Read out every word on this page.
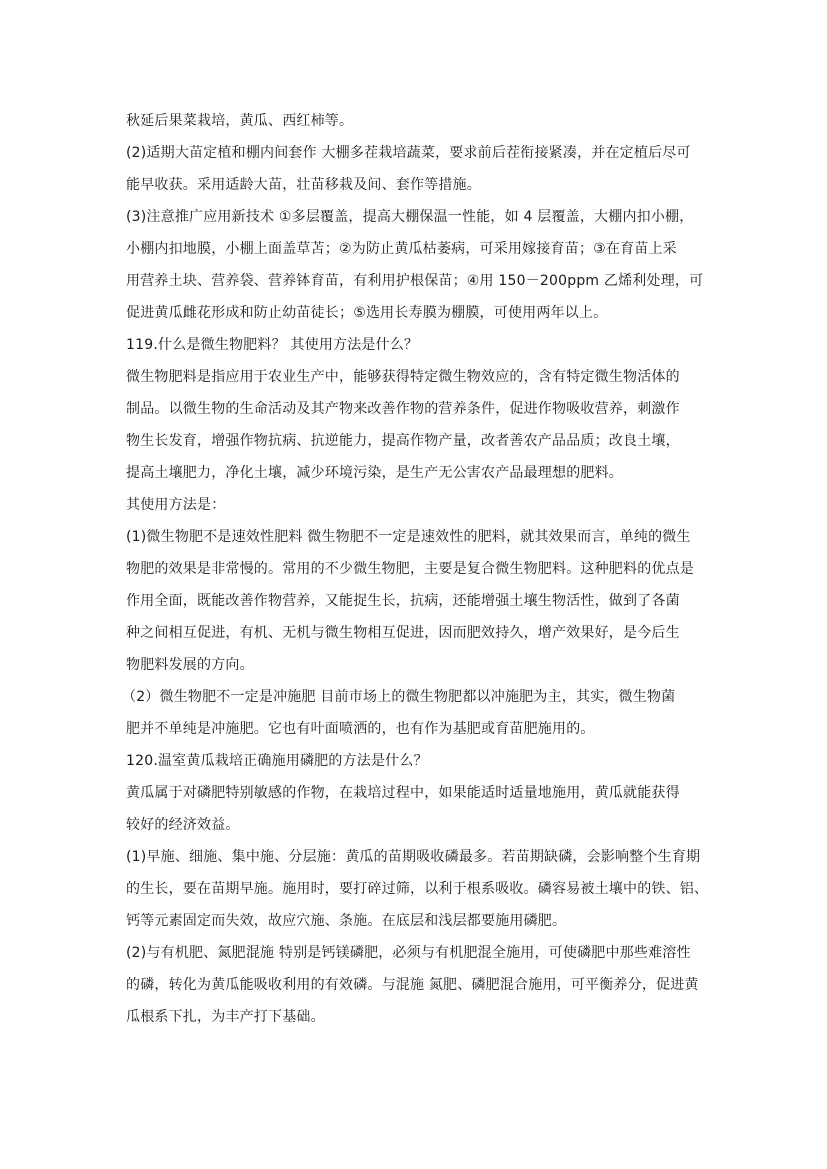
秋延后果菜栽培，黄瓜、西红柿等。

(2)适期大苗定植和棚内间套作 大棚多茬栽培蔬菜，要求前后茬衔接紧凑，并在定植后尽可
能早收获。采用适龄大苗，壮苗移栽及间、套作等措施。

(3)注意推广应用新技术 ①多层覆盖，提高大棚保温一性能，如 4 层覆盖，大棚内扣小棚，
小棚内扣地膜，小棚上面盖草苫；②为防止黄瓜枯萎病，可采用嫁接育苗；③在育苗上采
用营养土块、营养袋、营养钵育苗，有利用护根保苗；④用 150－200ppm 乙烯利处理，可
促进黄瓜雌花形成和防止幼苗徒长；⑤选用长寿膜为棚膜，可使用两年以上。

119.什么是微生物肥料？ 其使用方法是什么？

微生物肥料是指应用于农业生产中，能够获得特定微生物效应的，含有特定微生物活体的
制品。以微生物的生命活动及其产物来改善作物的营养条件，促进作物吸收营养，刺激作
物生长发育，增强作物抗病、抗逆能力，提高作物产量，改者善农产品品质；改良土壤，
提高土壤肥力，净化土壤，减少环境污染，是生产无公害农产品最理想的肥料。

其使用方法是：

(1)微生物肥不是速效性肥料 微生物肥不一定是速效性的肥料，就其效果而言，单纯的微生
物肥的效果是非常慢的。常用的不少微生物肥，主要是复合微生物肥料。这种肥料的优点是
作用全面，既能改善作物营养，又能捉生长，抗病，还能增强土壤生物活性，做到了各菌
种之间相互促进，有机、无机与微生物相互促进，因而肥效持久，增产效果好，是今后生
物肥料发展的方向。

（2）微生物肥不一定是冲施肥 目前市场上的微生物肥都以冲施肥为主，其实，微生物菌
肥并不单纯是冲施肥。它也有叶面喷洒的，也有作为基肥或育苗肥施用的。

120.温室黄瓜栽培正确施用磷肥的方法是什么？

黄瓜属于对磷肥特别敏感的作物，在栽培过程中，如果能适时适量地施用，黄瓜就能获得
较好的经济效益。

(1)早施、细施、集中施、分层施：黄瓜的苗期吸收磷最多。若苗期缺磷，会影响整个生育期
的生长，要在苗期早施。施用时，要打碎过筛，以利于根系吸收。磷容易被土壤中的铁、铝、
钙等元素固定而失效，故应穴施、条施。在底层和浅层都要施用磷肥。

(2)与有机肥、氮肥混施 特别是钙镁磷肥，必须与有机肥混全施用，可使磷肥中那些难溶性
的磷，转化为黄瓜能吸收利用的有效磷。与混施 氮肥、磷肥混合施用，可平衡养分，促进黄
瓜根系下扎，为丰产打下基础。
